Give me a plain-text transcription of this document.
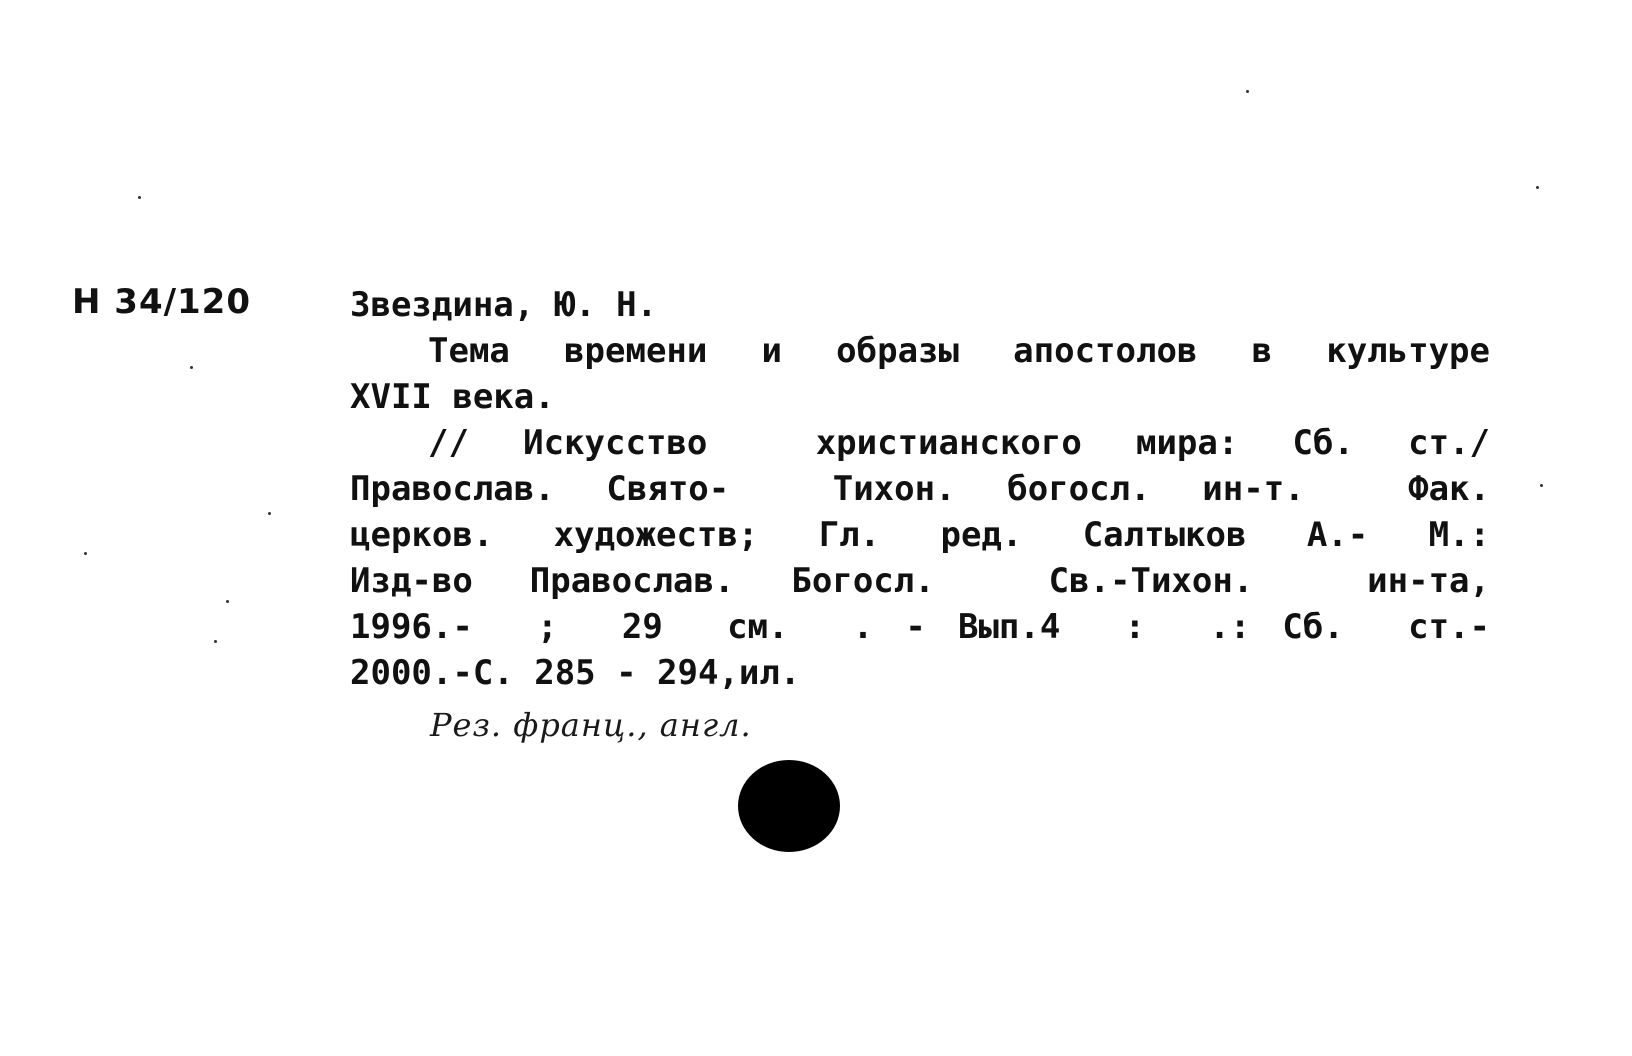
Н 34/120	Звездина, Ю. Н.
Тема времени и образы апостолов в культуре
XVII века.
// Искусство  христианского мира: Сб. ст./
Православ. Свято-  Тихон. богосл. ин-т.  Фак.
церков. художеств; Гл. ред. Салтыков А.- М.:
Изд-во Православ. Богосл.  Св.-Тихон.  ин-та,
1996.-  ;  29  см.  . - Вып.4  :  .: Сб.  ст.-
2000.-С. 285 - 294,ил.
Рез. франц., англ.
